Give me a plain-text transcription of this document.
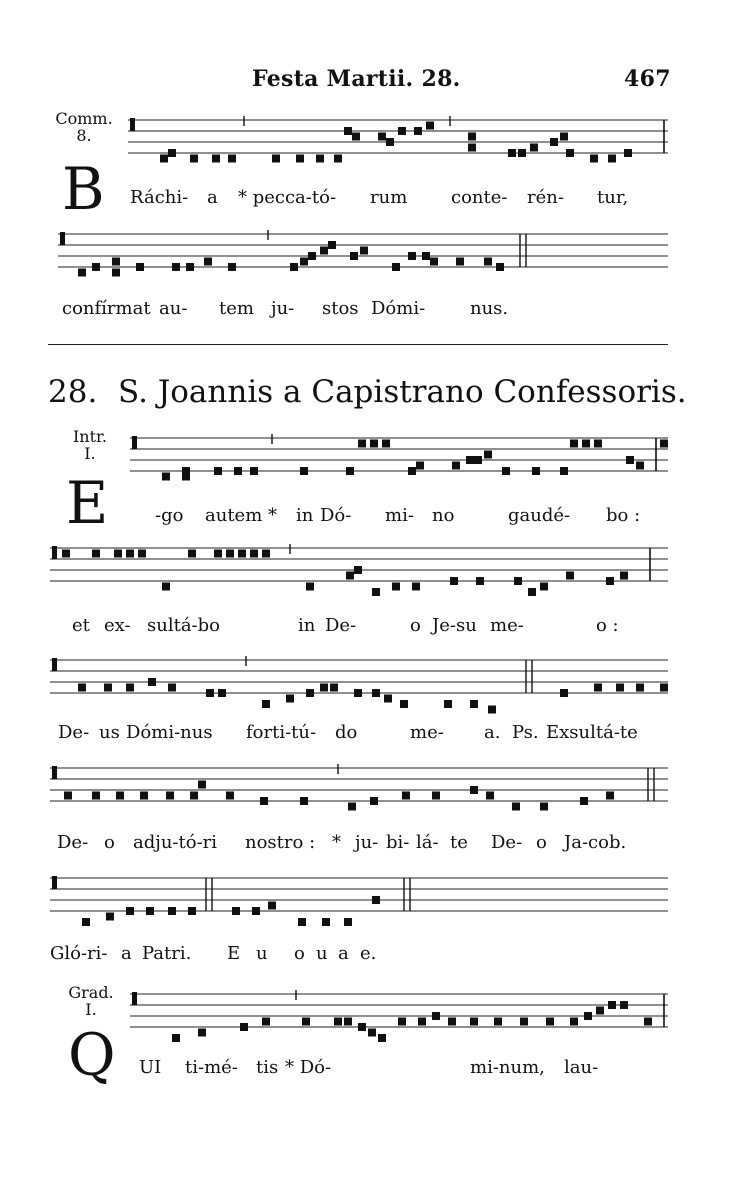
Festa Martii. 28.	467
Comm.
8.
B
28. S. Joannis a Capistrano Confessoris.
Intr.
I.
E
Grad.
I.
Q
Ráchi- a * pecca-tó- rum conte- rén- tur,
confírmat au- tem ju- stos Dómi- nus.
-go autem * in Dó- mi- no	gaudé- bo :
et ex- sultá-bo	in De-	o Je-su me-	o :
De- us Dómi-nus forti-tú- do	me- a. Ps. Exsultá-te
De- o adju-tó-ri nostro : * ju- bi- lá- te De- o Ja-cob.
Gló-ri- a Patri. E u o u a e.
UI ti-mé- tis * Dó-	mi-num, lau-
